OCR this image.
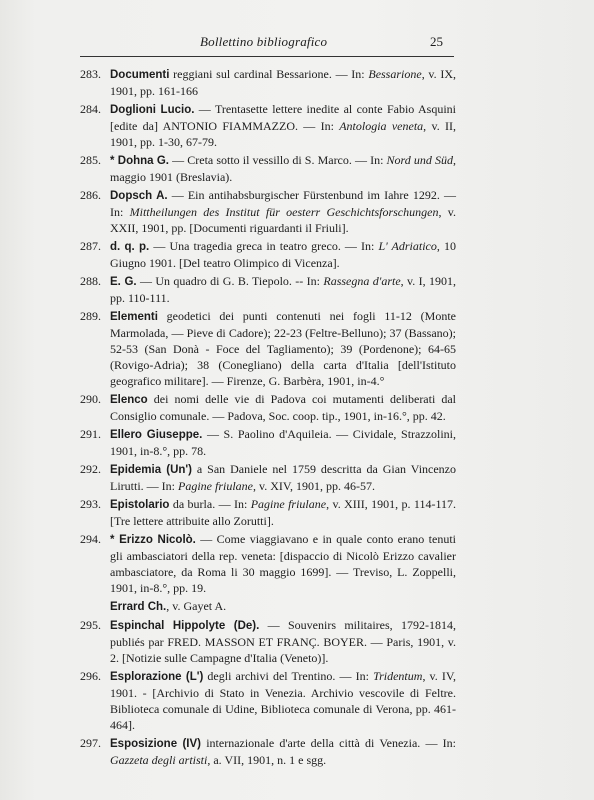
Bollettino bibliografico	25
283. Documenti reggiani sul cardinal Bessarione. — In: Bessarione, v. IX, 1901, pp. 161-166
284. Doglioni Lucio. — Trentasette lettere inedite al conte Fabio Asquini [edite da] ANTONIO FIAMMAZZO. — In: Antologia veneta, v. II, 1901, pp. 1-30, 67-79.
285. * Dohna G. — Creta sotto il vessillo di S. Marco. — In: Nord und Süd, maggio 1901 (Breslavia).
286. Dopsch A. — Ein antihabsburgischer Fürstenbund im Iahre 1292. — In: Mittheilungen des Institut für oesterr Geschichtsforschungen, v. XXII, 1901, pp. [Documenti riguardanti il Friuli].
287. d. q. p. — Una tragedia greca in teatro greco. — In: L' Adriatico, 10 Giugno 1901. [Del teatro Olimpico di Vicenza].
288. E. G. — Un quadro di G. B. Tiepolo. -- In: Rassegna d'arte, v. I, 1901, pp. 110-111.
289. Elementi geodetici dei punti contenuti nei fogli 11-12 (Monte Marmolada, — Pieve di Cadore); 22-23 (Feltre-Belluno); 37 (Bassano); 52-53 (San Donà - Foce del Tagliamento); 39 (Pordenone); 64-65 (Rovigo-Adria); 38 (Conegliano) della carta d'Italia [dell'Istituto geografico militare]. — Firenze, G. Barbèra, 1901, in-4.°
290. Elenco dei nomi delle vie di Padova coi mutamenti deliberati dal Consiglio comunale. — Padova, Soc. coop. tip., 1901, in-16.°, pp. 42.
291. Ellero Giuseppe. — S. Paolino d'Aquileia. — Cividale, Strazzolini, 1901, in-8.°, pp. 78.
292. Epidemia (Un') a San Daniele nel 1759 descritta da Gian Vincenzo Lirutti. — In: Pagine friulane, v. XIV, 1901, pp. 46-57.
293. Epistolario da burla. — In: Pagine friulane, v. XIII, 1901, p. 114-117. [Tre lettere attribuite allo Zorutti].
294. * Erizzo Nicolò. — Come viaggiavano e in quale conto erano tenuti gli ambasciatori della rep. veneta: [dispaccio di Nicolò Erizzo cavalier ambasciatore, da Roma li 30 maggio 1699]. — Treviso, L. Zoppelli, 1901, in-8.°, pp. 19.
Errard Ch., v. Gayet A.
295. Espinchal Hippolyte (De). — Souvenirs militaires, 1792-1814, publiés par FRED. MASSON ET FRANÇ. BOYER. — Paris, 1901, v. 2. [Notizie sulle Campagne d'Italia (Veneto)].
296. Esplorazione (L') degli archivi del Trentino. — In: Tridentum, v. IV, 1901. - [Archivio di Stato in Venezia. Archivio vescovile di Feltre. Biblioteca comunale di Udine, Biblioteca comunale di Verona, pp. 461-464].
297. Esposizione (IV) internazionale d'arte della città di Venezia. — In: Gazzeta degli artisti, a. VII, 1901, n. 1 e sgg.
